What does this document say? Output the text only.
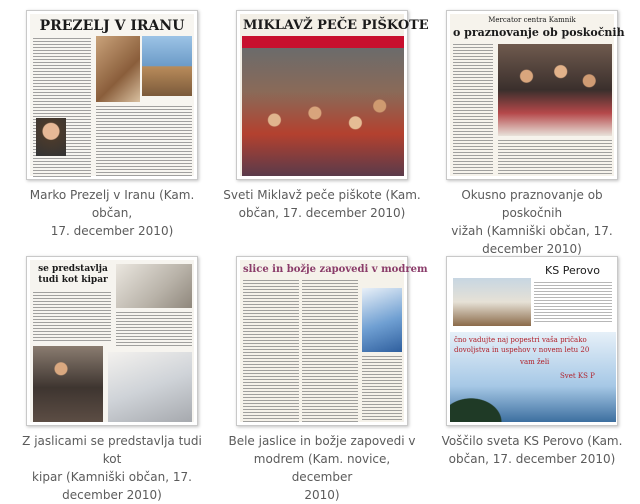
PREZELJ V IRANU
Marko Prezelj v Iranu (Kam. občan,
17. december 2010)
MIKLAVŽ PEČE PIŠKOTE
Sveti Miklavž peče piškote (Kam.
občan, 17. december 2010)
Mercator centra Kamnik
o praznovanje ob poskočnih
Okusno praznovanje ob poskočnih
vižah (Kamniški občan, 17.
december 2010)
se predstavlja tudi kot kipar
Z jaslicami se predstavlja tudi kot
kipar (Kamniški občan, 17.
december 2010)
slice in božje zapovedi v modrem
Bele jaslice in božje zapovedi v
modrem (Kam. novice, december
2010)
KS Perovo
čno vadujte naj popestri vaša pričako
dovoljstva in uspehov v novem letu 20
vam želi
Svet KS P
Voščilo sveta KS Perovo (Kam.
občan, 17. december 2010)
